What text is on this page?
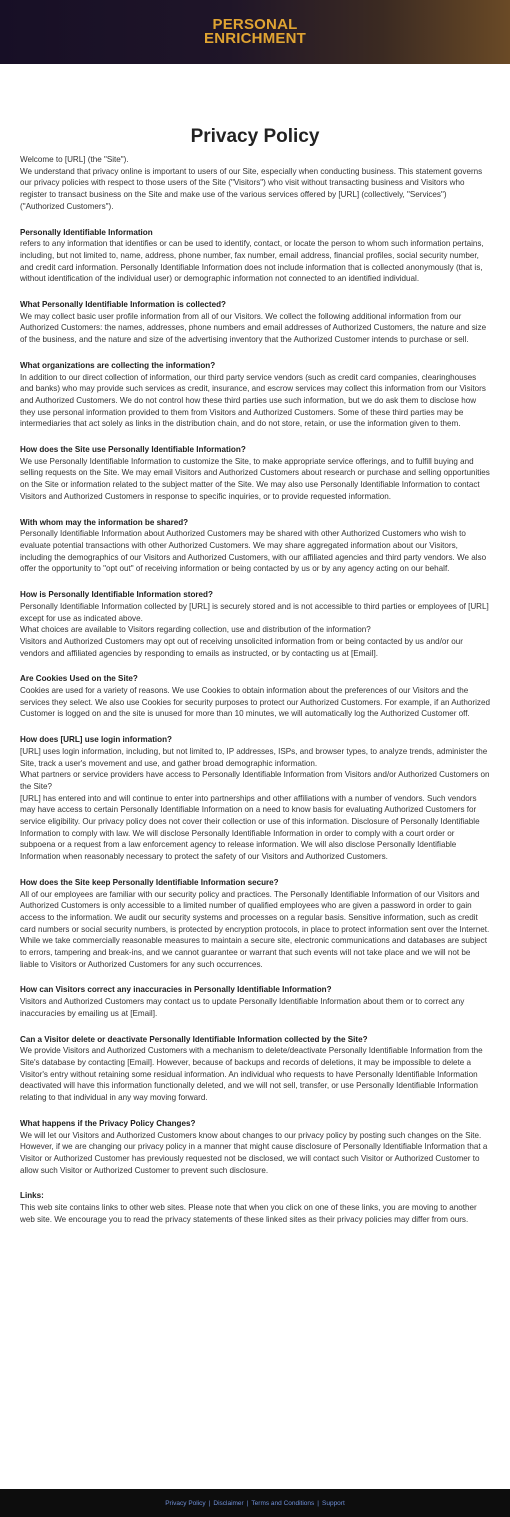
PERSONAL
ENRICHMENT
Privacy Policy

Welcome to [URL] (the "Site").

We understand that privacy online is important to users of our Site, especially when conducting business. This statement governs our privacy policies with respect to those users of the Site ("Visitors") who visit without transacting business and Visitors who register to transact business on the Site and make use of the various services offered by [URL] (collectively, "Services") ("Authorized Customers").

Personally Identifiable Information

refers to any information that identifies or can be used to identify, contact, or locate the person to whom such information pertains, including, but not limited to, name, address, phone number, fax number, email address, financial profiles, social security number, and credit card information. Personally Identifiable Information does not include information that is collected anonymously (that is, without identification of the individual user) or demographic information not connected to an identified individual.

What Personally Identifiable Information is collected?

We may collect basic user profile information from all of our Visitors. We collect the following additional information from our Authorized Customers: the names, addresses, phone numbers and email addresses of Authorized Customers, the nature and size of the business, and the nature and size of the advertising inventory that the Authorized Customer intends to purchase or sell.

What organizations are collecting the information?

In addition to our direct collection of information, our third party service vendors (such as credit card companies, clearinghouses and banks) who may provide such services as credit, insurance, and escrow services may collect this information from our Visitors and Authorized Customers. We do not control how these third parties use such information, but we do ask them to disclose how they use personal information provided to them from Visitors and Authorized Customers. Some of these third parties may be intermediaries that act solely as links in the distribution chain, and do not store, retain, or use the information given to them.

How does the Site use Personally Identifiable Information?

We use Personally Identifiable Information to customize the Site, to make appropriate service offerings, and to fulfill buying and selling requests on the Site. We may email Visitors and Authorized Customers about research or purchase and selling opportunities on the Site or information related to the subject matter of the Site. We may also use Personally Identifiable Information to contact Visitors and Authorized Customers in response to specific inquiries, or to provide requested information.

With whom may the information be shared?

Personally Identifiable Information about Authorized Customers may be shared with other Authorized Customers who wish to evaluate potential transactions with other Authorized Customers. We may share aggregated information about our Visitors, including the demographics of our Visitors and Authorized Customers, with our affiliated agencies and third party vendors. We also offer the opportunity to "opt out" of receiving information or being contacted by us or by any agency acting on our behalf.

How is Personally Identifiable Information stored?

Personally Identifiable Information collected by [URL] is securely stored and is not accessible to third parties or employees of [URL] except for use as indicated above.

What choices are available to Visitors regarding collection, use and distribution of the information?

Visitors and Authorized Customers may opt out of receiving unsolicited information from or being contacted by us and/or our vendors and affiliated agencies by responding to emails as instructed, or by contacting us at [Email].

Are Cookies Used on the Site?

Cookies are used for a variety of reasons. We use Cookies to obtain information about the preferences of our Visitors and the services they select. We also use Cookies for security purposes to protect our Authorized Customers. For example, if an Authorized Customer is logged on and the site is unused for more than 10 minutes, we will automatically log the Authorized Customer off.

How does [URL] use login information?

[URL] uses login information, including, but not limited to, IP addresses, ISPs, and browser types, to analyze trends, administer the Site, track a user's movement and use, and gather broad demographic information.

What partners or service providers have access to Personally Identifiable Information from Visitors and/or Authorized Customers on the Site?

[URL] has entered into and will continue to enter into partnerships and other affiliations with a number of vendors. Such vendors may have access to certain Personally Identifiable Information on a need to know basis for evaluating Authorized Customers for service eligibility. Our privacy policy does not cover their collection or use of this information. Disclosure of Personally Identifiable Information to comply with law. We will disclose Personally Identifiable Information in order to comply with a court order or subpoena or a request from a law enforcement agency to release information. We will also disclose Personally Identifiable Information when reasonably necessary to protect the safety of our Visitors and Authorized Customers.

How does the Site keep Personally Identifiable Information secure?

All of our employees are familiar with our security policy and practices. The Personally Identifiable Information of our Visitors and Authorized Customers is only accessible to a limited number of qualified employees who are given a password in order to gain access to the information. We audit our security systems and processes on a regular basis. Sensitive information, such as credit card numbers or social security numbers, is protected by encryption protocols, in place to protect information sent over the Internet. While we take commercially reasonable measures to maintain a secure site, electronic communications and databases are subject to errors, tampering and break-ins, and we cannot guarantee or warrant that such events will not take place and we will not be liable to Visitors or Authorized Customers for any such occurrences.

How can Visitors correct any inaccuracies in Personally Identifiable Information?

Visitors and Authorized Customers may contact us to update Personally Identifiable Information about them or to correct any inaccuracies by emailing us at [Email].

Can a Visitor delete or deactivate Personally Identifiable Information collected by the Site?

We provide Visitors and Authorized Customers with a mechanism to delete/deactivate Personally Identifiable Information from the Site's database by contacting [Email]. However, because of backups and records of deletions, it may be impossible to delete a Visitor's entry without retaining some residual information. An individual who requests to have Personally Identifiable Information deactivated will have this information functionally deleted, and we will not sell, transfer, or use Personally Identifiable Information relating to that individual in any way moving forward.

What happens if the Privacy Policy Changes?

We will let our Visitors and Authorized Customers know about changes to our privacy policy by posting such changes on the Site. However, if we are changing our privacy policy in a manner that might cause disclosure of Personally Identifiable Information that a Visitor or Authorized Customer has previously requested not be disclosed, we will contact such Visitor or Authorized Customer to allow such Visitor or Authorized Customer to prevent such disclosure.

Links:

This web site contains links to other web sites. Please note that when you click on one of these links, you are moving to another web site. We encourage you to read the privacy statements of these linked sites as their privacy policies may differ from ours.

Privacy Policy | Disclaimer | Terms and Conditions | Support
